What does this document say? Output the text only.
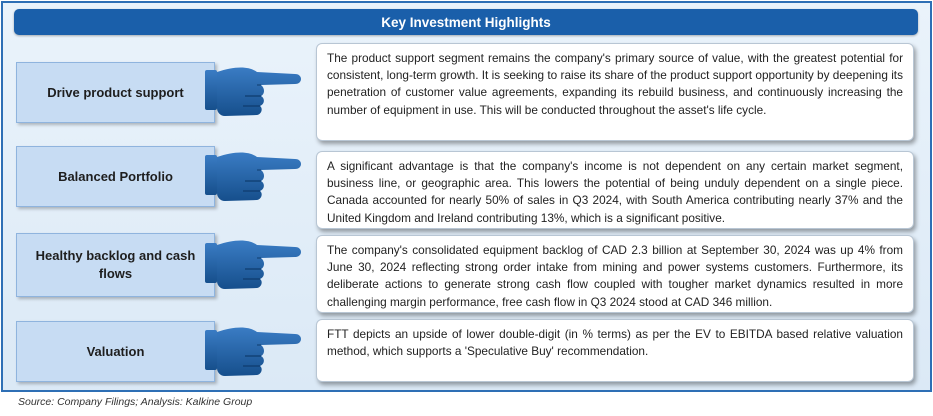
Key Investment Highlights
Drive product support
The product support segment remains the company's primary source of value, with the greatest potential for consistent, long-term growth. It is seeking to raise its share of the product support opportunity by deepening its penetration of customer value agreements, expanding its rebuild business, and continuously increasing the number of equipment in use. This will be conducted throughout the asset's life cycle.
Balanced Portfolio
A significant advantage is that the company's income is not dependent on any certain market segment, business line, or geographic area. This lowers the potential of being unduly dependent on a single piece. Canada accounted for nearly 50% of sales in Q3 2024, with South America contributing nearly 37% and the United Kingdom and Ireland contributing 13%, which is a significant positive.
Healthy backlog and cash flows
The company's consolidated equipment backlog of CAD 2.3 billion at September 30, 2024 was up 4% from June 30, 2024 reflecting strong order intake from mining and power systems customers. Furthermore, its deliberate actions to generate strong cash flow coupled with tougher market dynamics resulted in more challenging margin performance, free cash flow in Q3 2024 stood at CAD 346 million.
Valuation
FTT depicts an upside of lower double-digit (in % terms) as per the EV to EBITDA based relative valuation method, which supports a 'Speculative Buy' recommendation.
Source: Company Filings; Analysis: Kalkine Group
